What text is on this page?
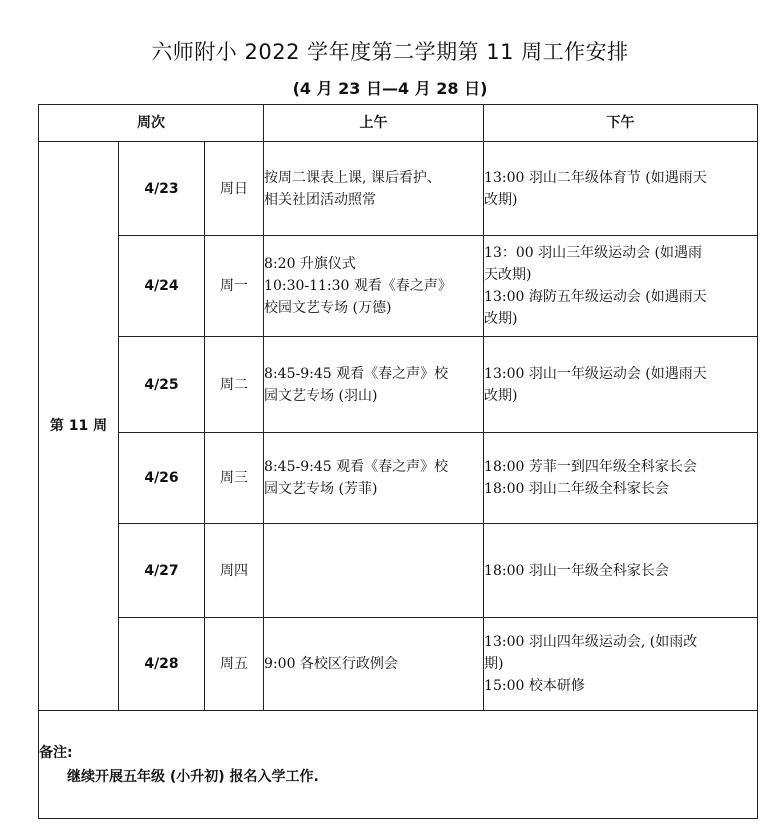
六师附小 2022 学年度第二学期第 11 周工作安排
(4 月 23 日—4 月 28 日)
周次			上午	下午
第 11 周	4/23	周日	按周二课表上课, 课后看护、
相关社团活动照常	13:00 羽山二年级体育节 (如遇雨天
改期)

	4/24	周一	8:20 升旗仪式
10:30-11:30 观看《春之声》
校园文艺专场 (万德)	13：00 羽山三年级运动会 (如遇雨
天改期)
13:00 海防五年级运动会 (如遇雨天
改期)

	4/25	周二	8:45-9:45 观看《春之声》校
园文艺专场 (羽山)	13:00 羽山一年级运动会 (如遇雨天
改期)

	4/26	周三	8:45-9:45 观看《春之声》校
园文艺专场 (芳菲)	18:00 芳菲一到四年级全科家长会
18:00 羽山二年级全科家长会

	4/27	周四		18:00 羽山一年级全科家长会

	4/28	周五	9:00 各校区行政例会	13:00 羽山四年级运动会, (如雨改
期)
15:00 校本研修

备注:
继续开展五年级 (小升初) 报名入学工作.				
